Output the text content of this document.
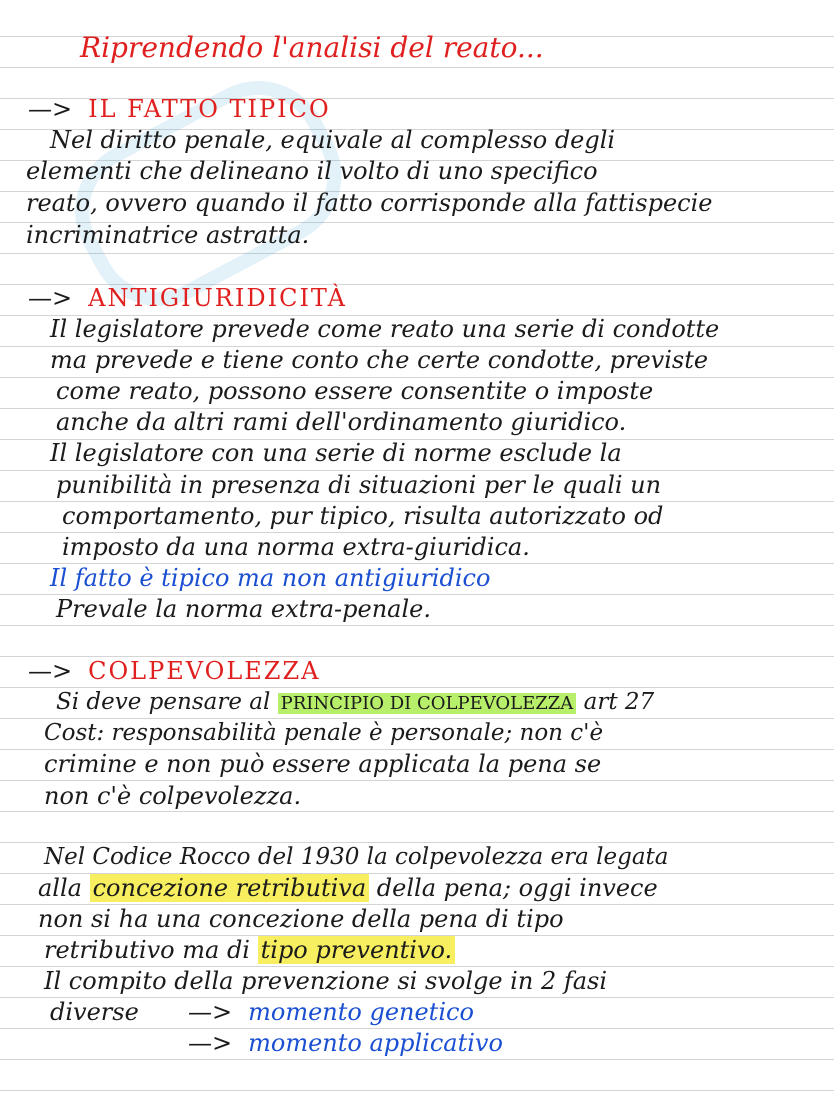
Riprendendo l'analisi del reato...
—> IL FATTO TIPICO
Nel diritto penale, equivale al complesso degli
elementi che delineano il volto di uno specifico
reato, ovvero quando il fatto corrisponde alla fattispecie
incriminatrice astratta.
—> ANTIGIURIDICITÀ
Il legislatore prevede come reato una serie di condotte
ma prevede e tiene conto che certe condotte, previste
come reato, possono essere consentite o imposte
anche da altri rami dell'ordinamento giuridico.
Il legislatore con una serie di norme esclude la
punibilità in presenza di situazioni per le quali un
comportamento, pur tipico, risulta autorizzato od
imposto da una norma extra-giuridica.
Il fatto è tipico ma non antigiuridico
Prevale la norma extra-penale.
—> COLPEVOLEZZA
Si deve pensare al PRINCIPIO DI COLPEVOLEZZA art 27
Cost: responsabilità penale è personale; non c'è
crimine e non può essere applicata la pena se
non c'è colpevolezza.
Nel Codice Rocco del 1930 la colpevolezza era legata
alla concezione retributiva della pena; oggi invece
non si ha una concezione della pena di tipo
retributivo ma di tipo preventivo.
Il compito della prevenzione si svolge in 2 fasi
diverse —> momento genetico
—> momento applicativo
